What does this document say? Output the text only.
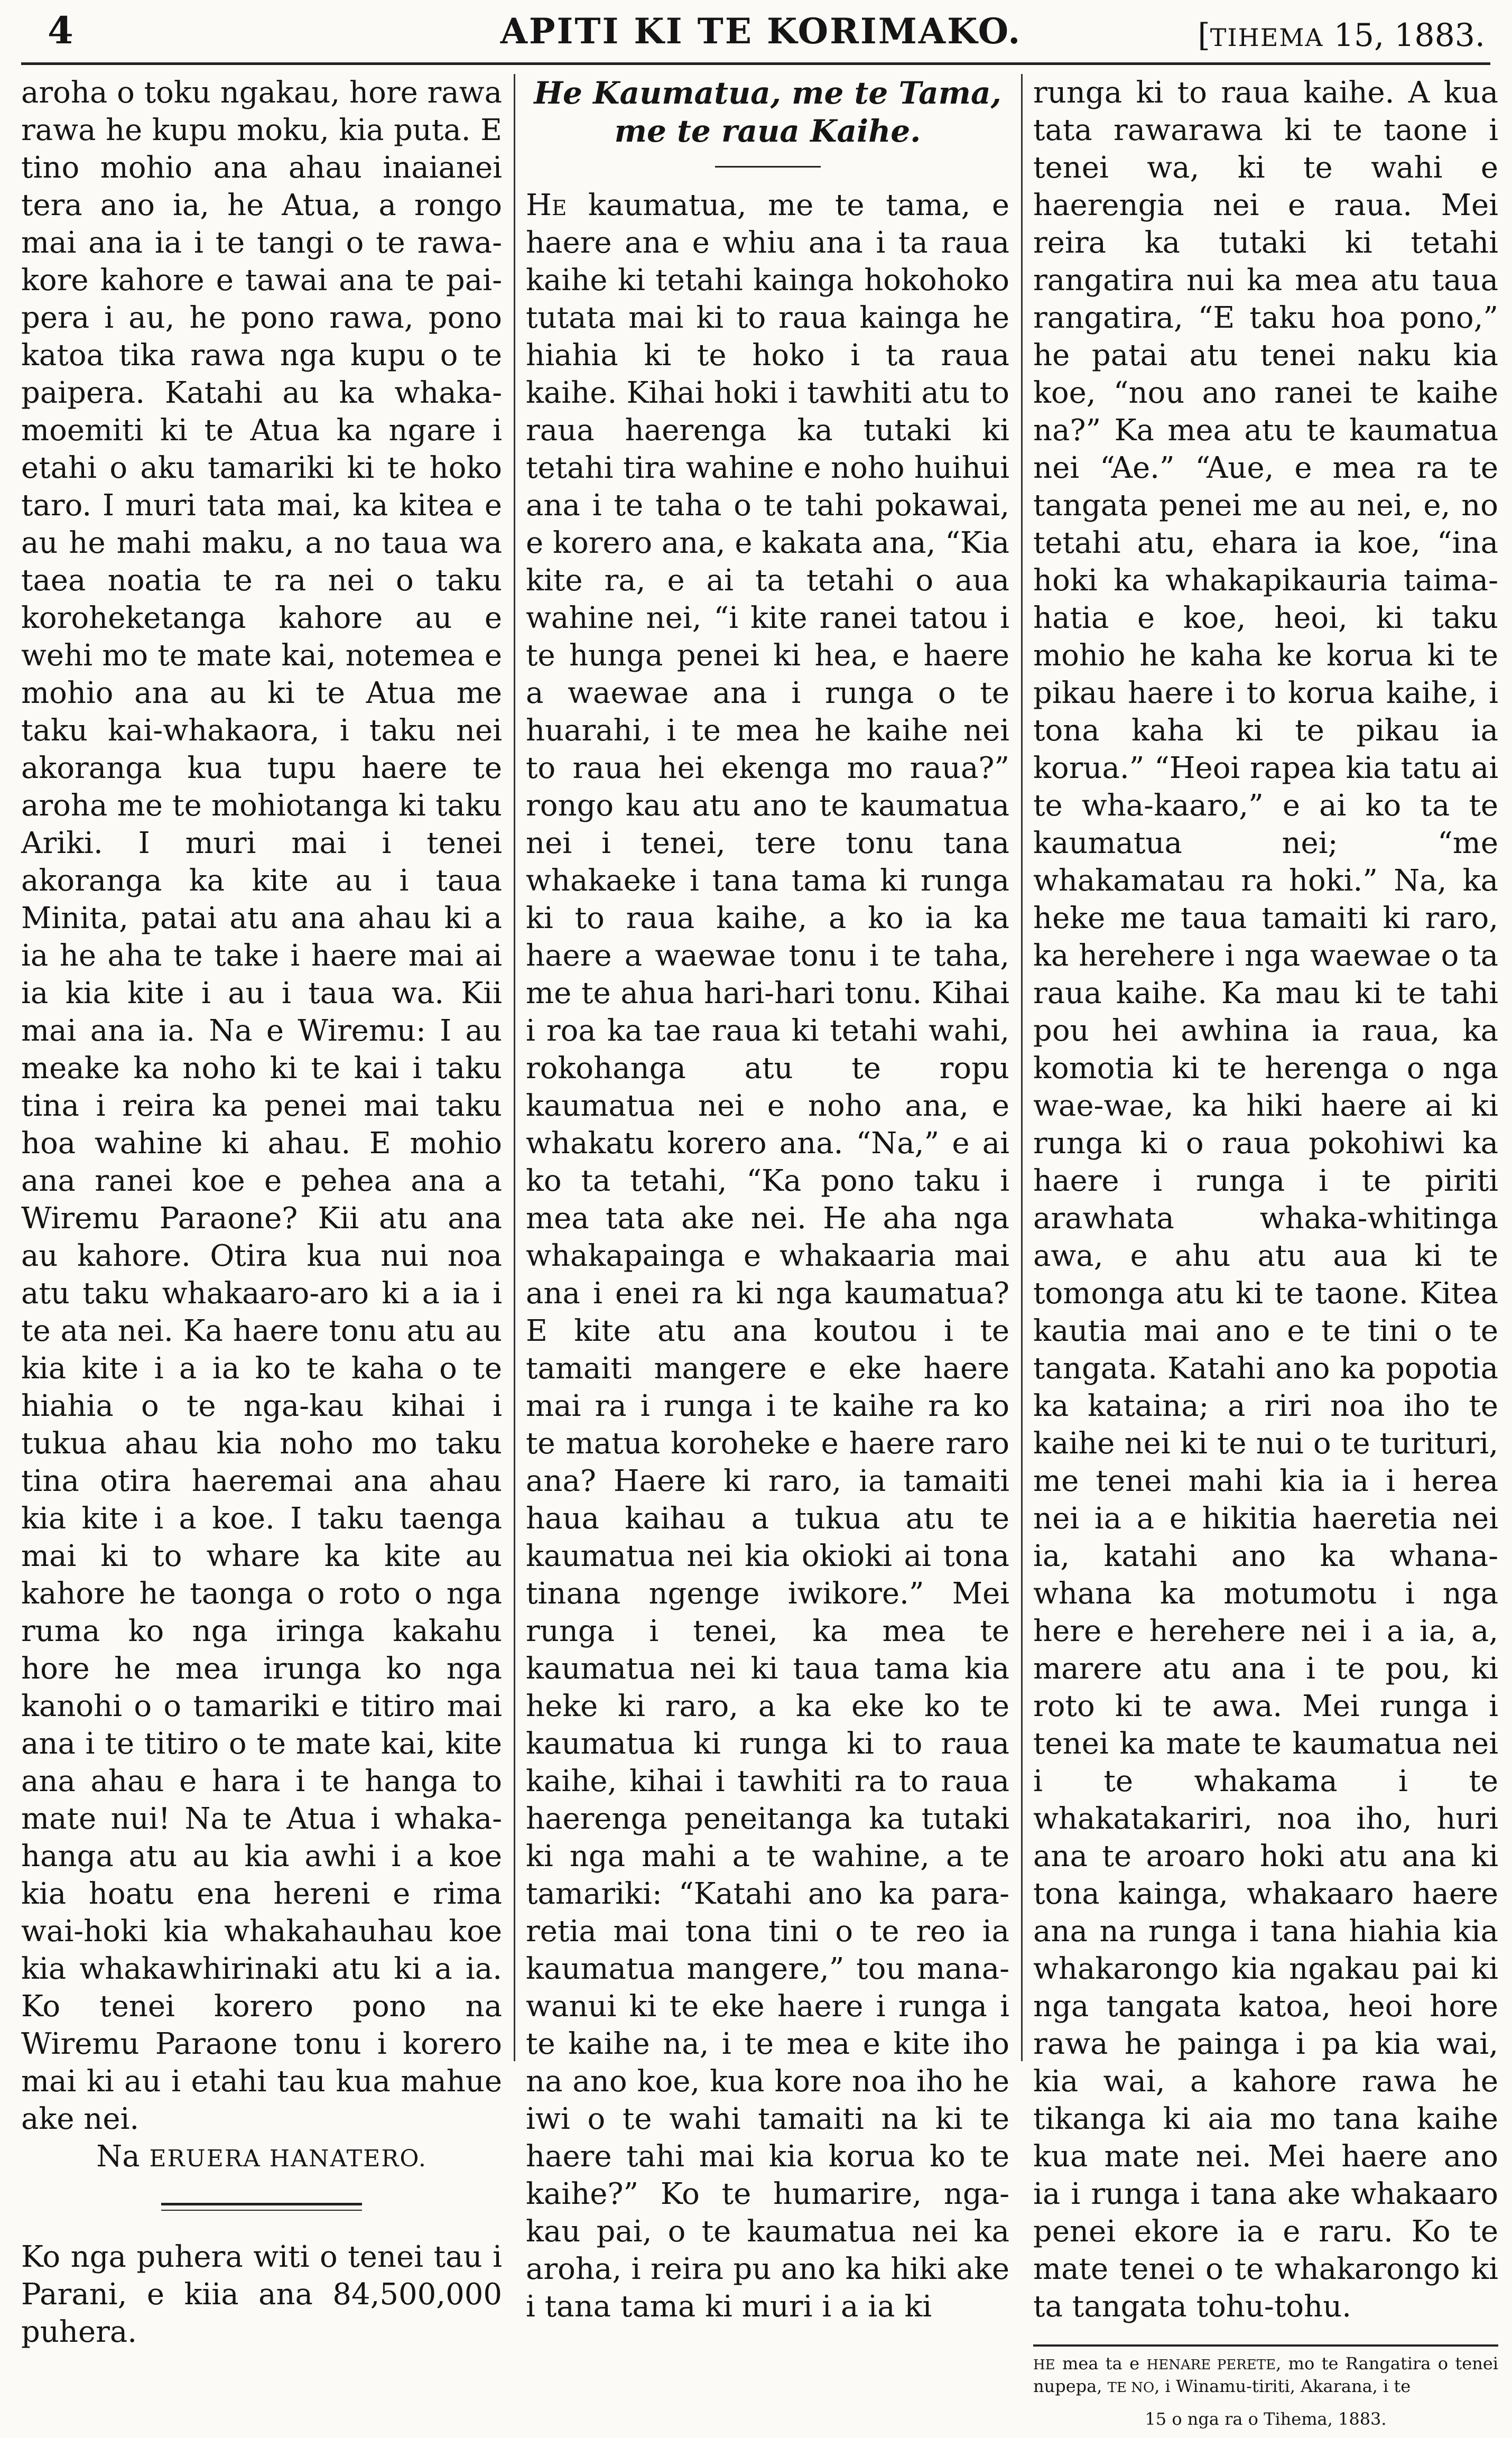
4	APITI KI TE KORIMAKO.	[TIHEMA 15, 1883.

aroha o toku ngakau, hore rawa rawa he kupu moku, kia puta. E tino mohio ana ahau inaianei tera ano ia, he Atua, a rongo mai ana ia i te tangi o te rawa-kore kahore e tawai ana te pai-pera i au, he pono rawa, pono katoa tika rawa nga kupu o te paipera. Katahi au ka whaka-moemiti ki te Atua ka ngare i etahi o aku tamariki ki te hoko taro. I muri tata mai, ka kitea e au he mahi maku, a no taua wa taea noatia te ra nei o taku koroheketanga kahore au e wehi mo te mate kai, notemea e mohio ana au ki te Atua me taku kai-whakaora, i taku nei akoranga kua tupu haere te aroha me te mohiotanga ki taku Ariki. I muri mai i tenei akoranga ka kite au i taua Minita, patai atu ana ahau ki a ia he aha te take i haere mai ai ia kia kite i au i taua wa. Kii mai ana ia. Na e Wiremu: I au meake ka noho ki te kai i taku tina i reira ka penei mai taku hoa wahine ki ahau. E mohio ana ranei koe e pehea ana a Wiremu Paraone? Kii atu ana au kahore. Otira kua nui noa atu taku whakaaro-aro ki a ia i te ata nei. Ka haere tonu atu au kia kite i a ia ko te kaha o te hiahia o te nga-kau kihai i tukua ahau kia noho mo taku tina otira haeremai ana ahau kia kite i a koe. I taku taenga mai ki to whare ka kite au kahore he taonga o roto o nga ruma ko nga iringa kakahu hore he mea irunga ko nga kanohi o o tamariki e titiro mai ana i te titiro o te mate kai, kite ana ahau e hara i te hanga to mate nui! Na te Atua i whaka-hanga atu au kia awhi i a koe kia hoatu ena hereni e rima wai-hoki kia whakahauhau koe kia whakawhirinaki atu ki a ia. Ko tenei korero pono na Wiremu Paraone tonu i korero mai ki au i etahi tau kua mahue ake nei.

Na ERUERA HANATERO.

Ko nga puhera witi o tenei tau i Parani, e kiia ana 84,500,000 puhera.

He Kaumatua, me te Tama,
me te raua Kaihe.

He kaumatua, me te tama, e haere ana e whiu ana i ta raua kaihe ki tetahi kainga hokohoko tutata mai ki to raua kainga he hiahia ki te hoko i ta raua kaihe. Kihai hoki i tawhiti atu to raua haerenga ka tutaki ki tetahi tira wahine e noho huihui ana i te taha o te tahi pokawai, e korero ana, e kakata ana, “Kia kite ra, e ai ta tetahi o aua wahine nei, “i kite ranei tatou i te hunga penei ki hea, e haere a waewae ana i runga o te huarahi, i te mea he kaihe nei to raua hei ekenga mo raua?” rongo kau atu ano te kaumatua nei i tenei, tere tonu tana whakaeke i tana tama ki runga ki to raua kaihe, a ko ia ka haere a waewae tonu i te taha, me te ahua hari-hari tonu. Kihai i roa ka tae raua ki tetahi wahi, rokohanga atu te ropu kaumatua nei e noho ana, e whakatu korero ana. “Na,” e ai ko ta tetahi, “Ka pono taku i mea tata ake nei. He aha nga whakapainga e whakaaria mai ana i enei ra ki nga kaumatua? E kite atu ana koutou i te tamaiti mangere e eke haere mai ra i runga i te kaihe ra ko te matua koroheke e haere raro ana? Haere ki raro, ia tamaiti haua kaihau a tukua atu te kaumatua nei kia okioki ai tona tinana ngenge iwikore.” Mei runga i tenei, ka mea te kaumatua nei ki taua tama kia heke ki raro, a ka eke ko te kaumatua ki runga ki to raua kaihe, kihai i tawhiti ra to raua haerenga peneitanga ka tutaki ki nga mahi a te wahine, a te tamariki: “Katahi ano ka para-retia mai tona tini o te reo ia kaumatua mangere,” tou mana-wanui ki te eke haere i runga i te kaihe na, i te mea e kite iho na ano koe, kua kore noa iho he iwi o te wahi tamaiti na ki te haere tahi mai kia korua ko te kaihe?” Ko te humarire, nga-kau pai, o te kaumatua nei ka aroha, i reira pu ano ka hiki ake i tana tama ki muri i a ia ki

runga ki to raua kaihe. A kua tata rawarawa ki te taone i tenei wa, ki te wahi e haerengia nei e raua. Mei reira ka tutaki ki tetahi rangatira nui ka mea atu taua rangatira, “E taku hoa pono,” he patai atu tenei naku kia koe, “nou ano ranei te kaihe na?” Ka mea atu te kaumatua nei “Ae.” “Aue, e mea ra te tangata penei me au nei, e, no tetahi atu, ehara ia koe, “ina hoki ka whakapikauria taima-hatia e koe, heoi, ki taku mohio he kaha ke korua ki te pikau haere i to korua kaihe, i tona kaha ki te pikau ia korua.” “Heoi rapea kia tatu ai te wha-kaaro,” e ai ko ta te kaumatua nei; “me whakamatau ra hoki.” Na, ka heke me taua tamaiti ki raro, ka herehere i nga waewae o ta raua kaihe. Ka mau ki te tahi pou hei awhina ia raua, ka komotia ki te herenga o nga wae-wae, ka hiki haere ai ki runga ki o raua pokohiwi ka haere i runga i te piriti arawhata whaka-whitinga awa, e ahu atu aua ki te tomonga atu ki te taone. Kitea kautia mai ano e te tini o te tangata. Katahi ano ka popotia ka kataina; a riri noa iho te kaihe nei ki te nui o te turituri, me tenei mahi kia ia i herea nei ia a e hikitia haeretia nei ia, katahi ano ka whana-whana ka motumotu i nga here e herehere nei i a ia, a, marere atu ana i te pou, ki roto ki te awa. Mei runga i tenei ka mate te kaumatua nei i te whakama i te whakatakariri, noa iho, huri ana te aroaro hoki atu ana ki tona kainga, whakaaro haere ana na runga i tana hiahia kia whakarongo kia ngakau pai ki nga tangata katoa, heoi hore rawa he painga i pa kia wai, kia wai, a kahore rawa he tikanga ki aia mo tana kaihe kua mate nei. Mei haere ano ia i runga i tana ake whakaaro penei ekore ia e raru. Ko te mate tenei o te whakarongo ki ta tangata tohu-tohu.

HE mea ta e HENARE PERETE, mo te Rangatira o tenei nupepa, TE NO, i Winamu-tiriti, Akarana, i te
15 o nga ra o Tihema, 1883.
